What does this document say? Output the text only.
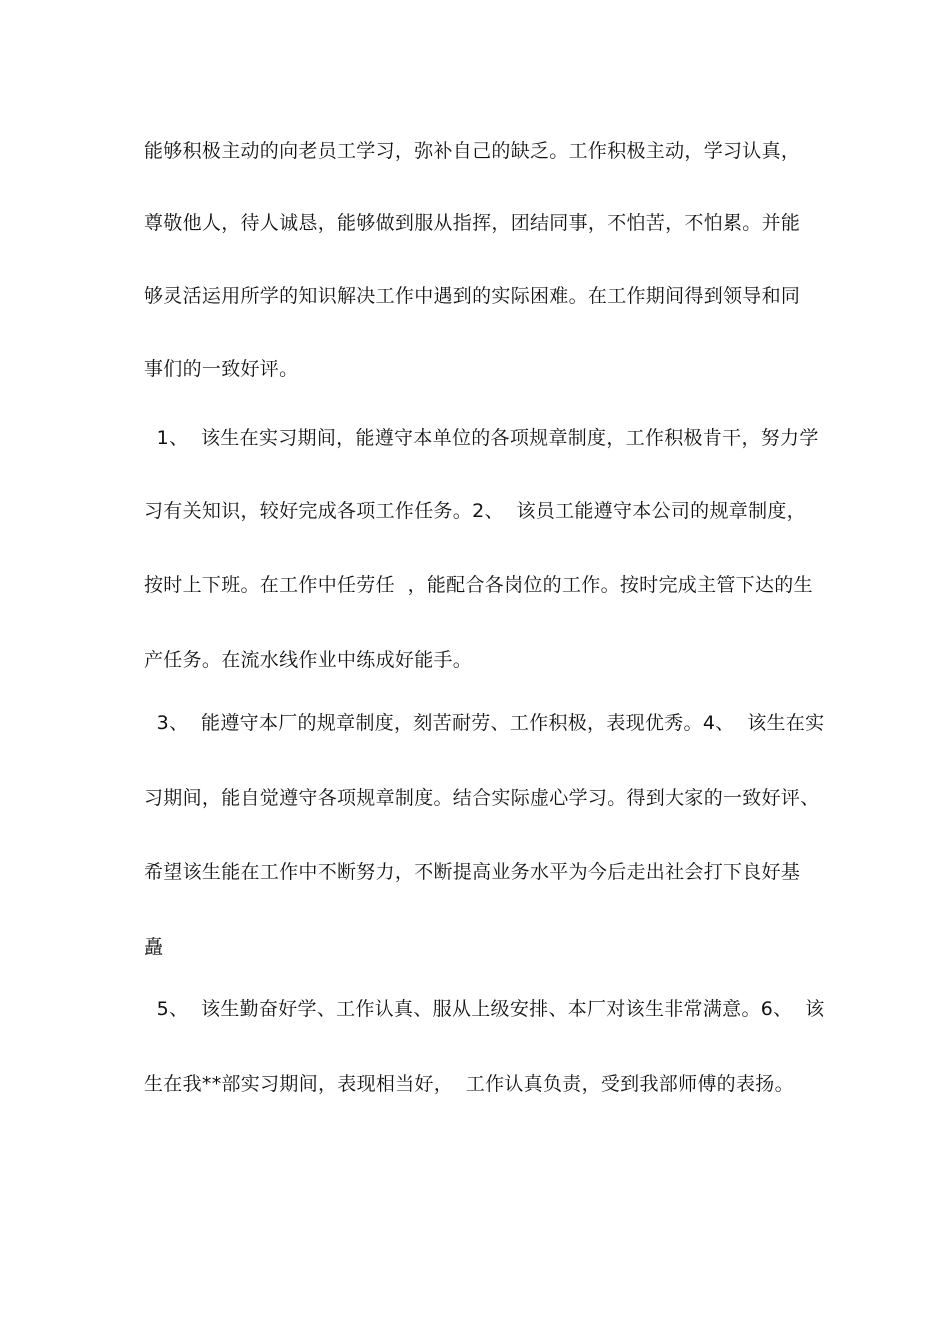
能够积极主动的向老员工学习，弥补自己的缺乏。工作积极主动，学习认真，
尊敬他人，待人诚恳，能够做到服从指挥，团结同事，不怕苦，不怕累。并能
够灵活运用所学的知识解决工作中遇到的实际困难。在工作期间得到领导和同
事们的一致好评。
1、  该生在实习期间，能遵守本单位的各项规章制度，工作积极肯干，努力学
习有关知识，较好完成各项工作任务。2、  该员工能遵守本公司的规章制度，
按时上下班。在工作中任劳任  ，能配合各岗位的工作。按时完成主管下达的生
产任务。在流水线作业中练成好能手。
3、  能遵守本厂的规章制度，刻苦耐劳、工作积极，表现优秀。4、  该生在实
习期间，能自觉遵守各项规章制度。结合实际虚心学习。得到大家的一致好评、
希望该生能在工作中不断努力，不断提高业务水平为今后走出社会打下良好基
矗
5、  该生勤奋好学、工作认真、服从上级安排、本厂对该生非常满意。6、  该
生在我**部实习期间，表现相当好，  工作认真负责，受到我部师傅的表扬。
